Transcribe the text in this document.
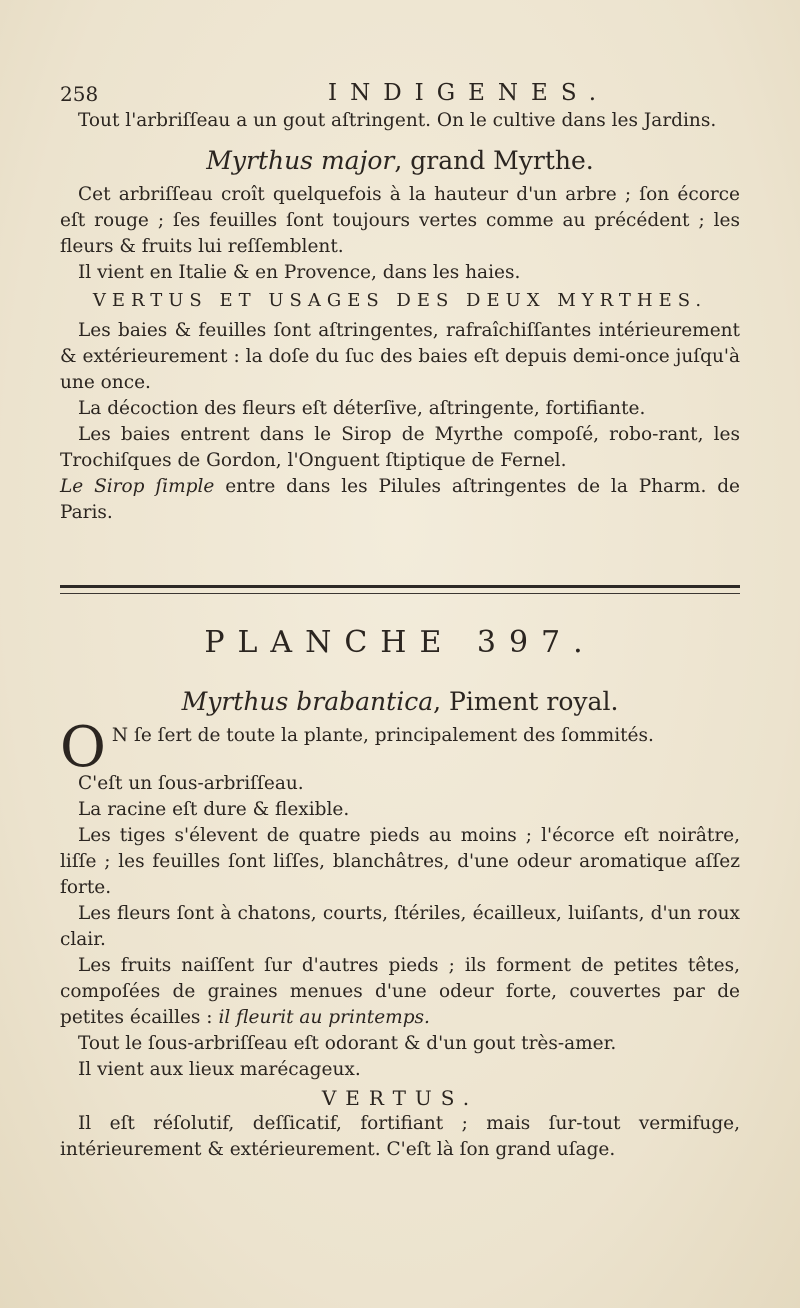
258	INDIGENES.

Tout l'arbriſſeau a un gout aſtringent. On le cultive dans les Jardins.

Myrthus major, grand Myrthe.

Cet arbriſſeau croît quelquefois à la hauteur d'un arbre ; ſon écorce eſt rouge ; ſes feuilles ſont toujours vertes comme au précédent ; les fleurs & fruits lui reſſemblent.

Il vient en Italie & en Provence, dans les haies.

VERTUS ET USAGES DES DEUX MYRTHES.

Les baies & feuilles ſont aſtringentes, rafraîchiſſantes intérieurement & extérieurement : la doſe du ſuc des baies eſt depuis demi-once juſqu'à une once.

La décoction des fleurs eſt déterſive, aſtringente, fortifiante.

Les baies entrent dans le Sirop de Myrthe compoſé, robo-rant, les Trochiſques de Gordon, l'Onguent ſtiptique de Fernel.

Le Sirop ſimple entre dans les Pilules aſtringentes de la Pharm. de Paris.

PLANCHE 397.
Myrthus brabantica, Piment royal.

O N ſe ſert de toute la plante, principalement des ſommités.

C'eſt un ſous-arbriſſeau.

La racine eſt dure & flexible.

Les tiges s'élevent de quatre pieds au moins ; l'écorce eſt noirâtre, liſſe ; les feuilles ſont liſſes, blanchâtres, d'une odeur aromatique aſſez forte.

Les fleurs ſont à chatons, courts, ſtériles, écailleux, luiſants, d'un roux clair.

Les fruits naiſſent ſur d'autres pieds ; ils forment de petites têtes, compoſées de graines menues d'une odeur forte, couvertes par de petites écailles : il fleurit au printemps.

Tout le ſous-arbriſſeau eſt odorant & d'un gout très-amer.

Il vient aux lieux marécageux.

VERTUS.

Il eſt réſolutif, deſſicatif, fortifiant ; mais ſur-tout vermifuge, intérieurement & extérieurement. C'eſt là ſon grand uſage.
